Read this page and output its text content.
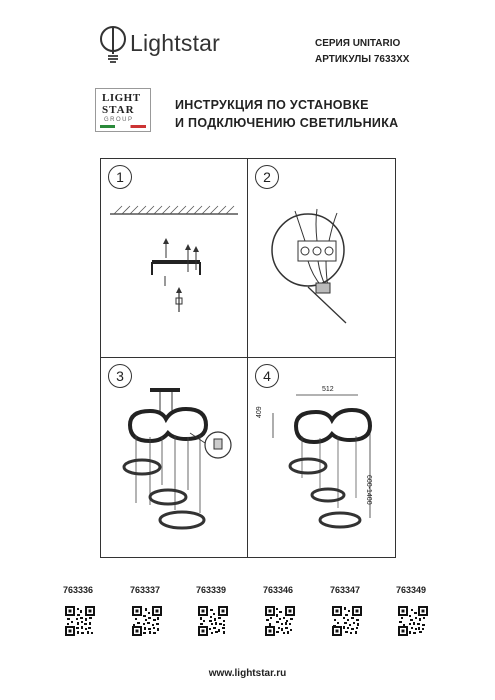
Lightstar	СЕРИЯ UNITARIO
АРТИКУЛЫ 7633XX
LIGHT
STAR
GROUP
ИНСТРУКЦИЯ ПО УСТАНОВКЕ
И ПОДКЛЮЧЕНИЮ СВЕТИЛЬНИКА
1	2
3	4
512
409
600-1400
763336	763337	763339	763346	763347	763349
www.lightstar.ru
